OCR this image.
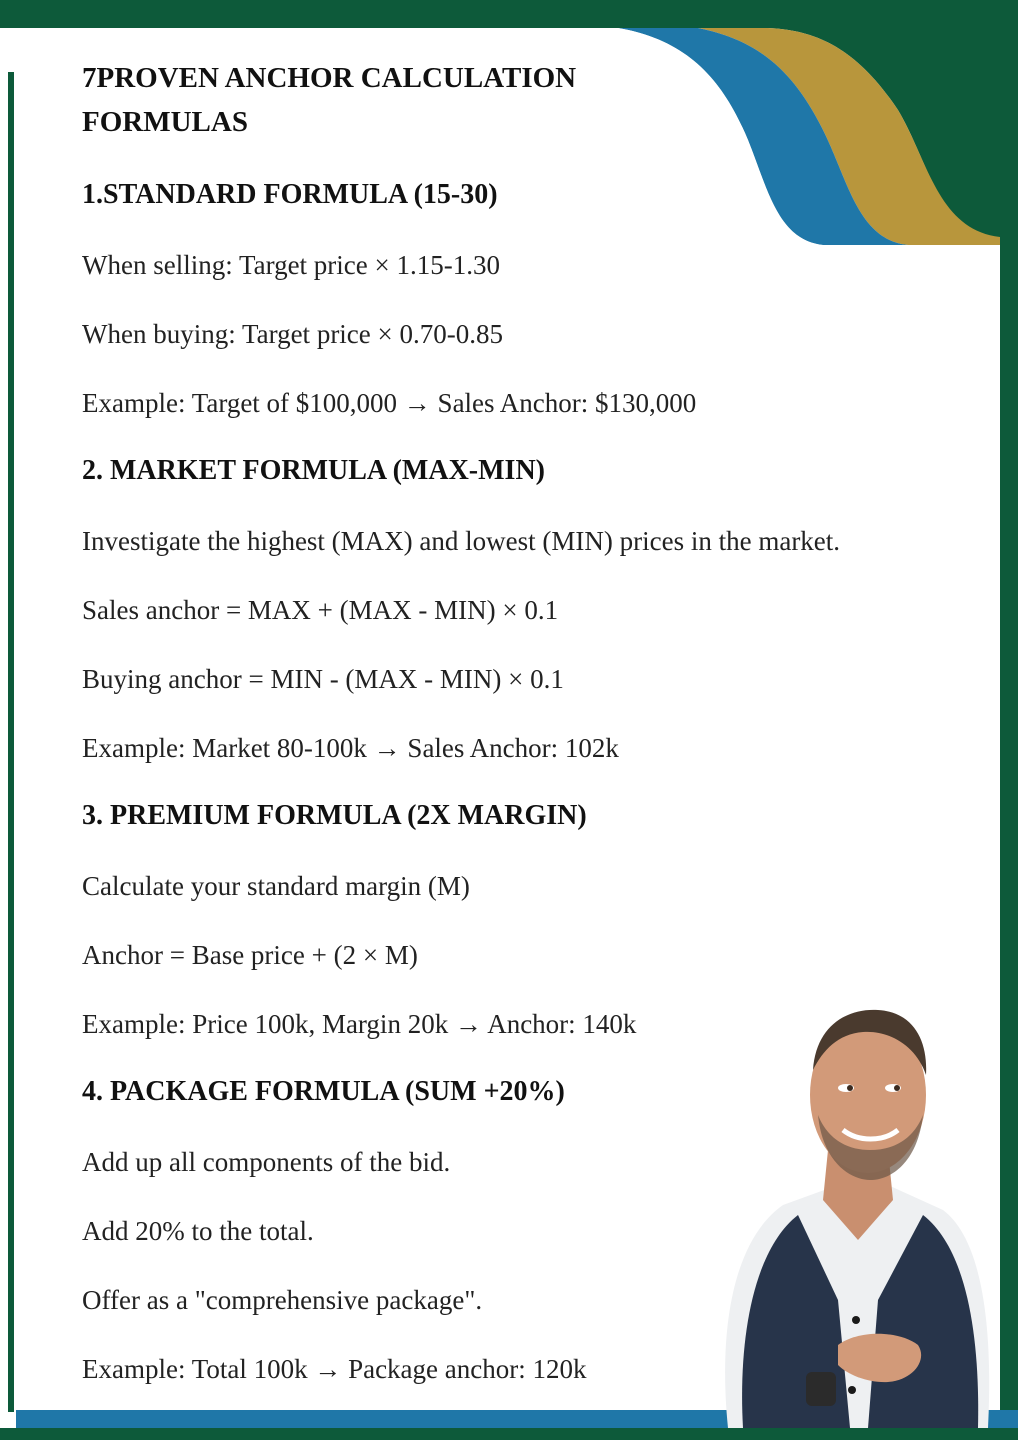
7PROVEN ANCHOR CALCULATION FORMULAS
1.STANDARD FORMULA (15-30)

When selling: Target price × 1.15-1.30

When buying: Target price × 0.70-0.85

Example: Target of $100,000 → Sales Anchor: $130,000

2. MARKET FORMULA (MAX-MIN)

Investigate the highest (MAX) and lowest (MIN) prices in the market.

Sales anchor = MAX + (MAX - MIN) × 0.1

Buying anchor = MIN - (MAX - MIN) × 0.1

Example: Market 80-100k → Sales Anchor: 102k

3. PREMIUM FORMULA (2X MARGIN)

Calculate your standard margin (M)

Anchor = Base price + (2 × M)

Example: Price 100k, Margin 20k → Anchor: 140k

4. PACKAGE FORMULA (SUM +20%)

Add up all components of the bid.

Add 20% to the total.

Offer as a "comprehensive package".

Example: Total 100k → Package anchor: 120k
